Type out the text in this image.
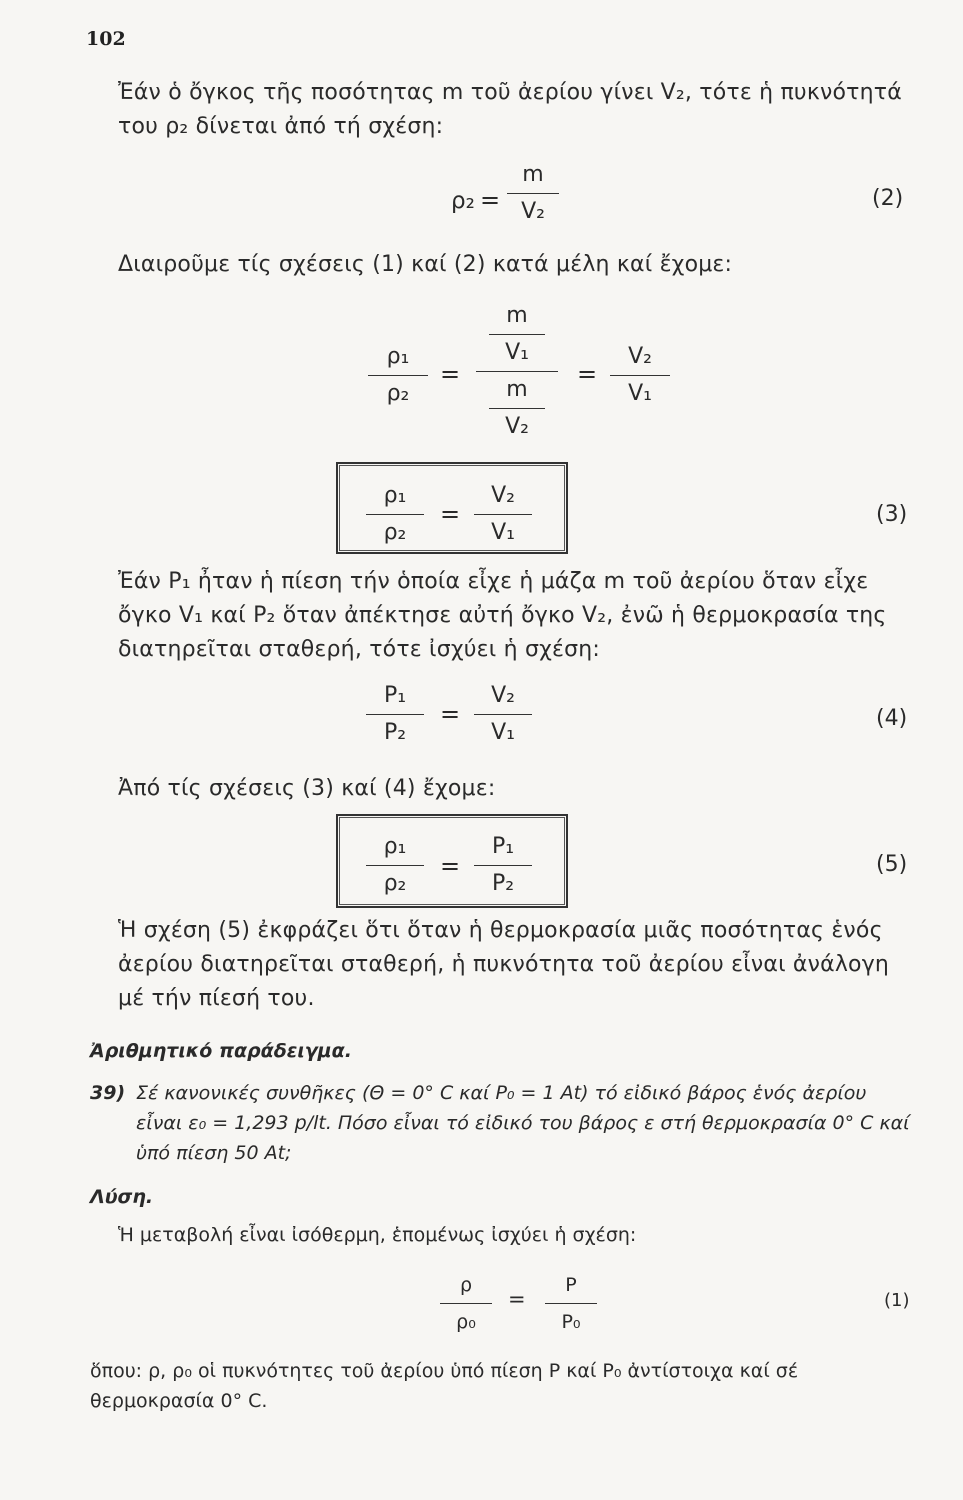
102
Ἐάν ὁ ὄγκος τῆς ποσότητας m τοῦ ἀερίου γίνει V₂, τότε ἡ πυκνότητά του ρ₂ δίνεται ἀπό τή σχέση:
ρ₂ =
m
V₂
(2)
Διαιροῦμε τίς σχέσεις (1) καί (2) κατά μέλη καί ἔχομε:
ρ₁
ρ₂
=
m
V₁
m
V₂
=
V₂
V₁
ρ₁
ρ₂
=
V₂
V₁
(3)
Ἐάν P₁ ἦταν ἡ πίεση τήν ὁποία εἶχε ἡ μάζα m τοῦ ἀερίου ὅταν εἶχε ὄγκο V₁ καί P₂ ὅταν ἀπέκτησε αὐτή ὄγκο V₂, ἐνῶ ἡ θερμοκρασία της διατηρεῖται σταθερή, τότε ἰσχύει ἡ σχέση:
P₁
P₂
=
V₂
V₁
(4)
Ἀπό τίς σχέσεις (3) καί (4) ἔχομε:
ρ₁
ρ₂
=
P₁
P₂
(5)
Ἡ σχέση (5) ἐκφράζει ὅτι ὅταν ἡ θερμοκρασία μιᾶς ποσότητας ἑνός ἀερίου διατηρεῖται σταθερή, ἡ πυκνότητα τοῦ ἀερίου εἶναι ἀνάλογη μέ τήν πίεσή του.
Ἀριθμητικό παράδειγμα.
39) Σέ κανονικές συνθῆκες (Θ = 0° C καί P₀ = 1 At) τό εἰδικό βάρος ἑνός ἀερίου εἶναι ε₀ = 1,293 p/lt. Πόσο εἶναι τό εἰδικό του βάρος ε στή θερμοκρασία 0° C καί ὑπό πίεση 50 At;
Λύση.
Ἡ μεταβολή εἶναι ἰσόθερμη, ἑπομένως ἰσχύει ἡ σχέση:
ρ
ρ₀
=
P
P₀
(1)
ὅπου: ρ, ρ₀ οἱ πυκνότητες τοῦ ἀερίου ὑπό πίεση P καί P₀ ἀντίστοιχα καί σέ θερμοκρασία 0° C.
